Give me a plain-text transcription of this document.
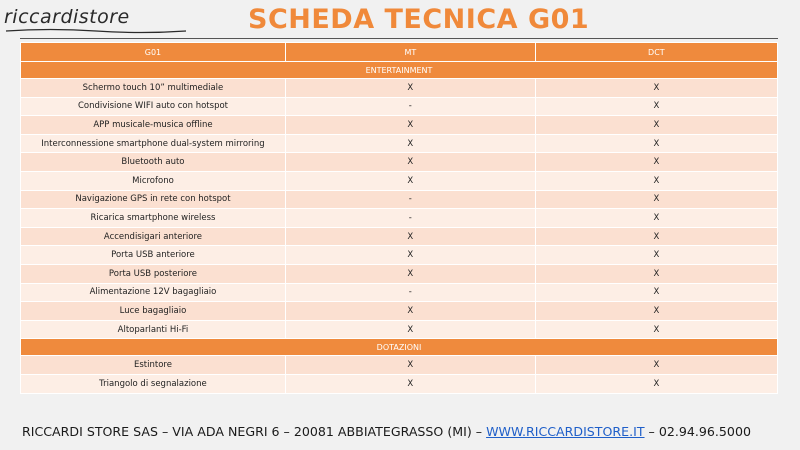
riccardistore	SCHEDA TECNICA G01
G01	MT	DCT
ENTERTAINMENT		
Schermo touch 10” multimediale	X	X
Condivisione WIFI auto con hotspot	-	X
APP musicale-musica offline	X	X
Interconnessione smartphone dual-system mirroring	X	X
Bluetooth auto	X	X
Microfono	X	X
Navigazione GPS in rete con hotspot	-	X
Ricarica smartphone wireless	-	X
Accendisigari anteriore	X	X
Porta USB anteriore	X	X
Porta USB posteriore	X	X
Alimentazione 12V bagagliaio	-	X
Luce bagagliaio	X	X
Altoparlanti Hi-Fi	X	X
DOTAZIONI		
Estintore	X	X
Triangolo di segnalazione	X	X
RICCARDI STORE SAS – VIA ADA NEGRI 6 – 20081 ABBIATEGRASSO (MI) – WWW.RICCARDISTORE.IT – 02.94.96.5000
